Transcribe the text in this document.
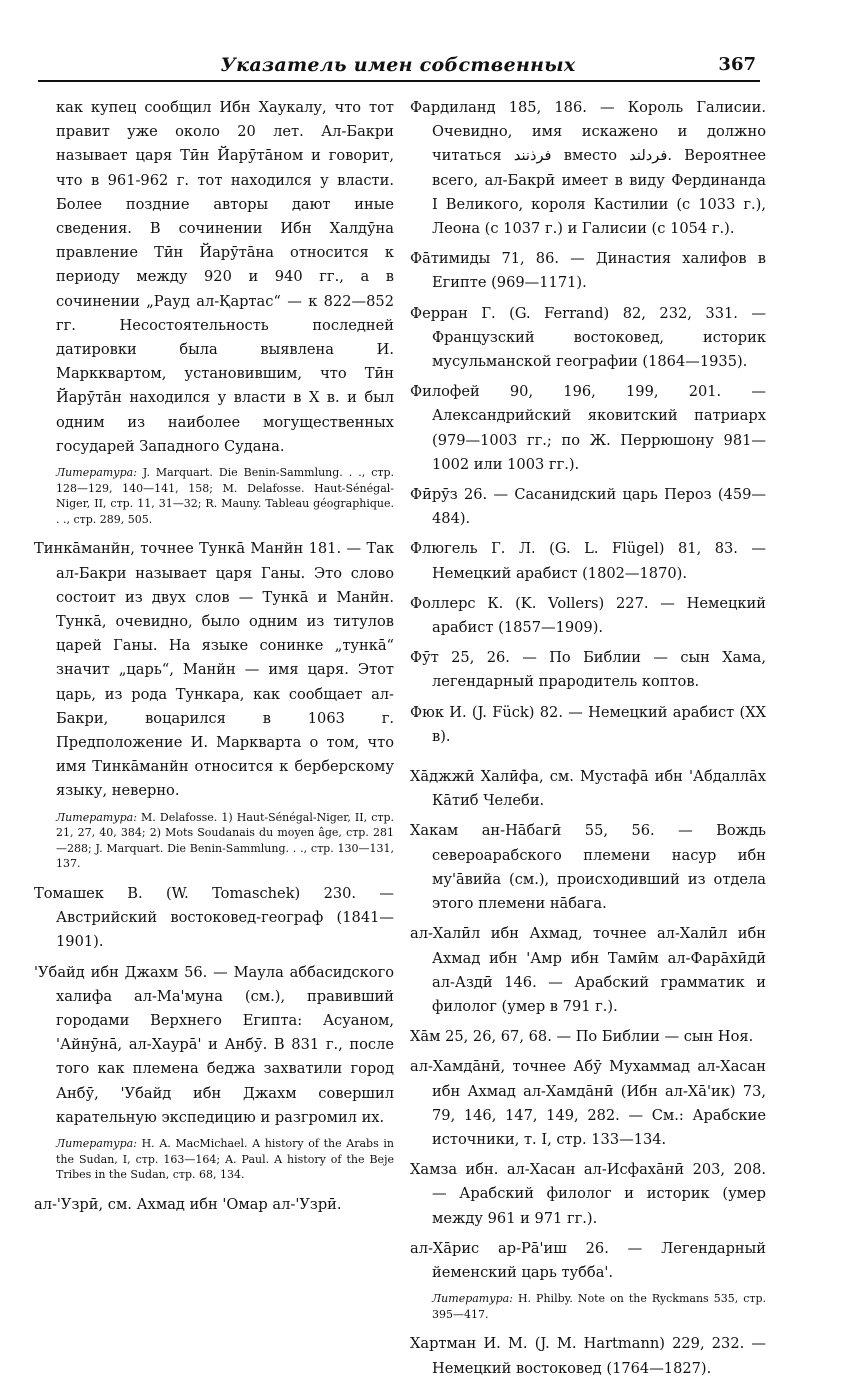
Указатель имен собственных	367

как купец сообщил Ибн Хаукалу, что тот правит уже около 20 лет. Ал-Бакри называет царя Тӣн Йарӯтāном и говорит, что в 961-962 г. тот находился у власти. Более поздние авторы дают иные сведения. В сочинении Ибн Халдӯна правление Тӣн Йарӯтāна относится к периоду между 920 и 940 гг., а в сочинении „Рауд ал-Қартас“ — к 822—852 гг. Несостоятельность последней датировки была выявлена И. Маркквартом, установившим, что Тӣн Йарӯтāн находился у власти в X в. и был одним из наиболее могущественных государей Западного Судана.

Литература: J. Marquart. Die Benin-Sammlung. . ., стр. 128—129, 140—141, 158; M. Delafosse. Haut-Sénégal-Niger, II, стр. 11, 31—32; R. Mauny. Tableau géographique. . ., стр. 289, 505.

Тинкāманйн, точнее Тункā Манйн 181. — Так ал-Бакри называет царя Ганы. Это слово состоит из двух слов — Тункā и Манйн. Тункā, очевидно, было одним из титулов царей Ганы. На языке сонинке „тункā“ значит „царь“, Манйн — имя царя. Этот царь, из рода Тункара, как сообщает ал-Бакри, воцарился в 1063 г. Предположение И. Маркварта о том, что имя Тинкāманйн относится к берберскому языку, неверно.

Литература: M. Delafosse. 1) Haut-Sénégal-Niger, II, стр. 21, 27, 40, 384; 2) Mots Soudanais du moyen âge, стр. 281—288; J. Marquart. Die Benin-Sammlung. . ., стр. 130—131, 137.

Томашек В. (W. Tomaschek) 230. — Австрийский востоковед-географ (1841—1901).

'Убайд ибн Джахм 56. — Маула аббасидского халифа ал-Ма'муна (см.), правивший городами Верхнего Египта: Асуаном, 'Айнӯнā, ал-Хаурā' и Анбӯ. В 831 г., после того как племена беджа захватили город Анбӯ, 'Убайд ибн Джахм совершил карательную экспедицию и разгромил их.

Литература: H. A. MacMichael. A history of the Arabs in the Sudan, I, стр. 163—164; A. Paul. A history of the Beje Tribes in the Sudan, стр. 68, 134.

ал-'Узрӣ, см. Ахмад ибн 'Омар ал-'Узрӣ.

Фардиланд 185, 186. — Король Галисии. Очевидно, имя искажено и должно читаться فرذنند вместо فردلند. Вероятнее всего, ал-Бакрӣ имеет в виду Фердинанда I Великого, короля Кастилии (с 1033 г.), Леона (с 1037 г.) и Галисии (с 1054 г.).

Фāтимиды 71, 86. — Династия халифов в Египте (969—1171).

Ферран Г. (G. Ferrand) 82, 232, 331. — Французский востоковед, историк мусульманской географии (1864—1935).

Филофей 90, 196, 199, 201. — Александрийский яковитский патриарх (979—1003 гг.; по Ж. Перрюшону 981—1002 или 1003 гг.).

Фӣрӯз 26. — Сасанидский царь Пероз (459—484).

Флюгель Г. Л. (G. L. Flügel) 81, 83. — Немецкий арабист (1802—1870).

Фоллерс К. (K. Vollers) 227. — Немецкий арабист (1857—1909).

Фӯт 25, 26. — По Библии — сын Хама, легендарный прародитель коптов.

Фюк И. (J. Fück) 82. — Немецкий арабист (XX в).

Хāджжӣ Халӣфа, см. Мустафā ибн 'Абдаллāх Кāтиб Челеби.

Хакам ан-Нāбагӣ 55, 56. — Вождь североарабского племени насур ибн му'āвийа (см.), происходивший из отдела этого племени нāбага.

ал-Халӣл ибн Ахмад, точнее ал-Халӣл ибн Ахмад ибн 'Амр ибн Тамӣм ал-Фарāхӣдӣ ал-Аздӣ 146. — Арабский грамматик и филолог (умер в 791 г.).

Хāм 25, 26, 67, 68. — По Библии — сын Ноя.

ал-Хамдāнӣ, точнее Абӯ Мухаммад ал-Хасан ибн Ахмад ал-Хамдāнӣ (Ибн ал-Хā'ик) 73, 79, 146, 147, 149, 282. — См.: Арабские источники, т. I, стр. 133—134.

Хамза ибн. ал-Хасан ал-Исфахāнӣ 203, 208. — Арабский филолог и историк (умер между 961 и 971 гг.).

ал-Хāрис ар-Рā'иш 26. — Легендарный йеменский царь тубба'.

Литература: H. Philby. Note on the Ryckmans 535, стр. 395—417.

Хартман И. М. (J. M. Hartmann) 229, 232. — Немецкий востоковед (1764—1827).
